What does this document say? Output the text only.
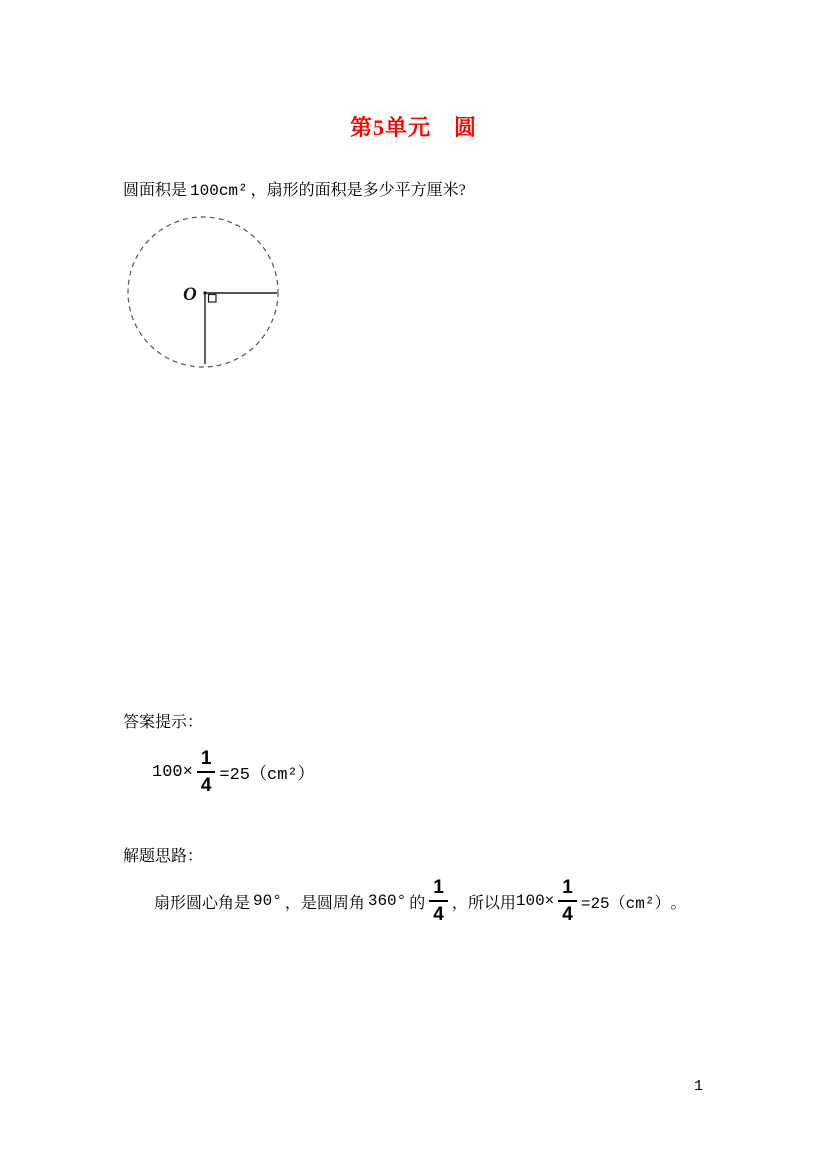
第5单元　圆
圆面积是 100cm² ，扇形的面积是多少平方厘米?
O
答案提示：
$100\times \frac{1}{4} =25(cm^2)$
解题思路：
扇形圆心角是 90° ，是圆周角 360° 的 $\frac{1}{4}$ ，所以用 $100\times \frac{1}{4} =25(cm^2)$ 。
1
